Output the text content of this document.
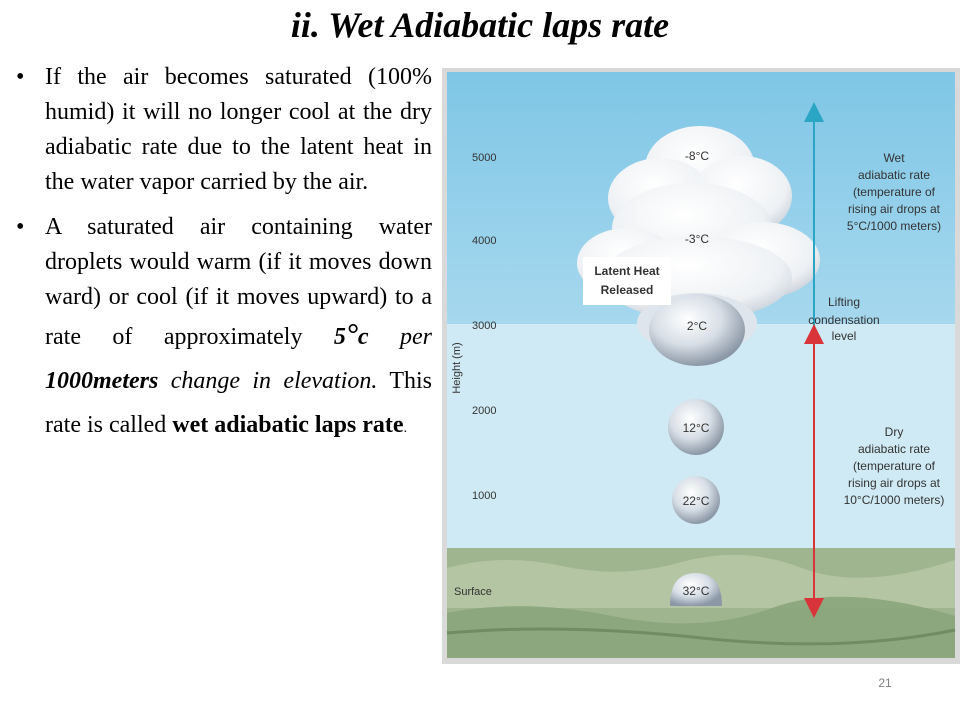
ii. Wet Adiabatic laps rate
• If the air becomes saturated (100% humid) it will no longer cool at the dry adiabatic rate due to the latent heat in the water vapor carried by the air.
• A saturated air containing water droplets would warm (if it moves down ward) or cool (if it moves upward) to a rate of approximately 5°c per 1000meters change in elevation. This rate is called wet adiabatic laps rate.
Height (m)
5000
4000
3000
2000
1000
Surface
Latent Heat
Released
-8°C
-3°C
2°C
12°C
22°C
32°C
Wet
adiabatic rate
(temperature of
rising air drops at
5°C/1000 meters)
Lifting
condensation
level
Dry
adiabatic rate
(temperature of
rising air drops at
10°C/1000 meters)
21
